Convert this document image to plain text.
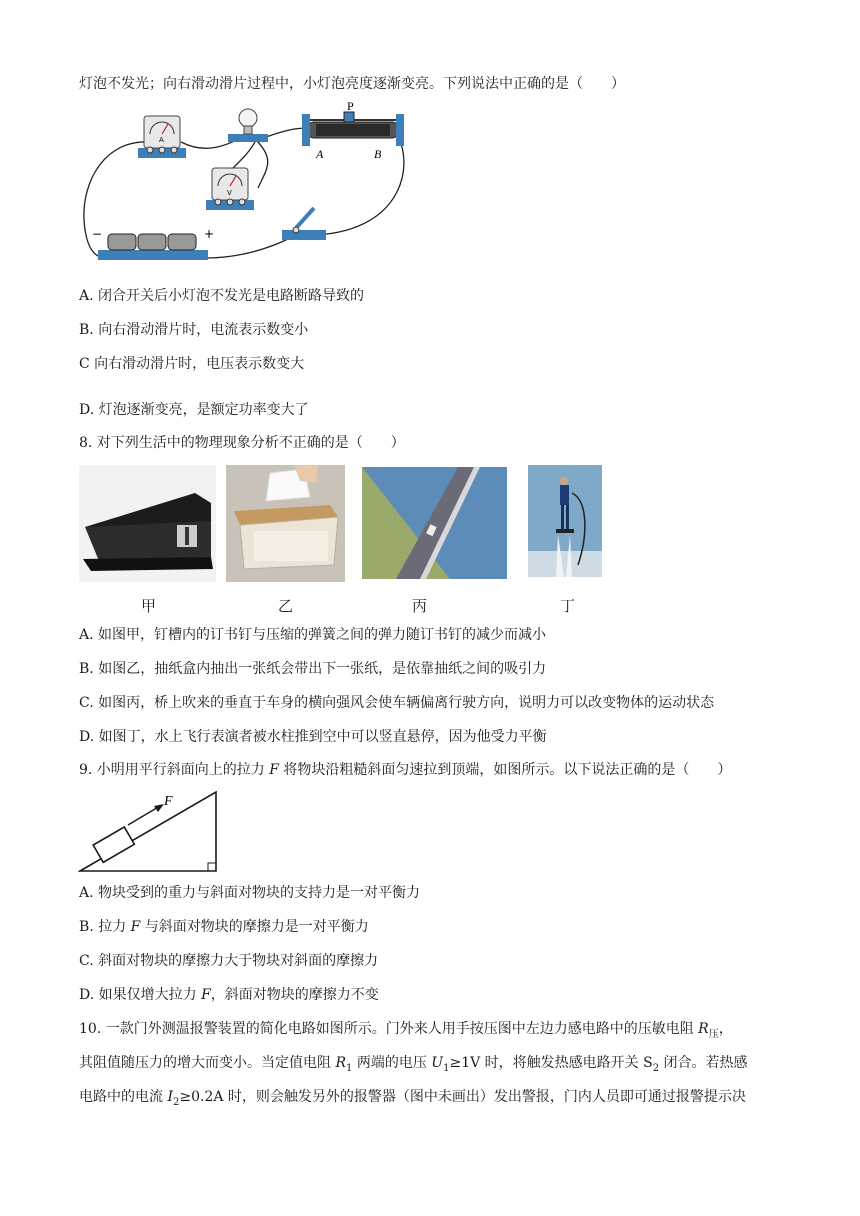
灯泡不发光；向右滑动滑片过程中，小灯泡亮度逐渐变亮。下列说法中正确的是（　　）
A
V
P
A	B
−	+
A. 闭合开关后小灯泡不发光是电路断路导致的
B. 向右滑动滑片时，电流表示数变小
C 向右滑动滑片时，电压表示数变大
D. 灯泡逐渐变亮，是额定功率变大了
8. 对下列生活中的物理现象分析不正确的是（　　）
甲	乙	丙	丁
A. 如图甲，钉槽内的订书钉与压缩的弹簧之间的弹力随订书钉的减少而减小
B. 如图乙，抽纸盒内抽出一张纸会带出下一张纸，是依靠抽纸之间的吸引力
C. 如图丙，桥上吹来的垂直于车身的横向强风会使车辆偏离行驶方向，说明力可以改变物体的运动状态
D. 如图丁，水上飞行表演者被水柱推到空中可以竖直悬停，因为他受力平衡
9. 小明用平行斜面向上的拉力 F 将物块沿粗糙斜面匀速拉到顶端，如图所示。以下说法正确的是（　　）
F
A. 物块受到的重力与斜面对物块的支持力是一对平衡力
B. 拉力 F 与斜面对物块的摩擦力是一对平衡力
C. 斜面对物块的摩擦力大于物块对斜面的摩擦力
D. 如果仅增大拉力 F，斜面对物块的摩擦力不变
10. 一款门外测温报警装置的简化电路如图所示。门外来人用手按压图中左边力感电路中的压敏电阻 $R_压$，
其阻值随压力的增大而变小。当定值电阻 $R_1$ 两端的电压 $U_1\ge 1V$ 时，将触发热感电路开关 $S_2$ 闭合。若热感
电路中的电流 $I_2\ge 0.2A$ 时，则会触发另外的报警器（图中未画出）发出警报，门内人员即可通过报警提示决
